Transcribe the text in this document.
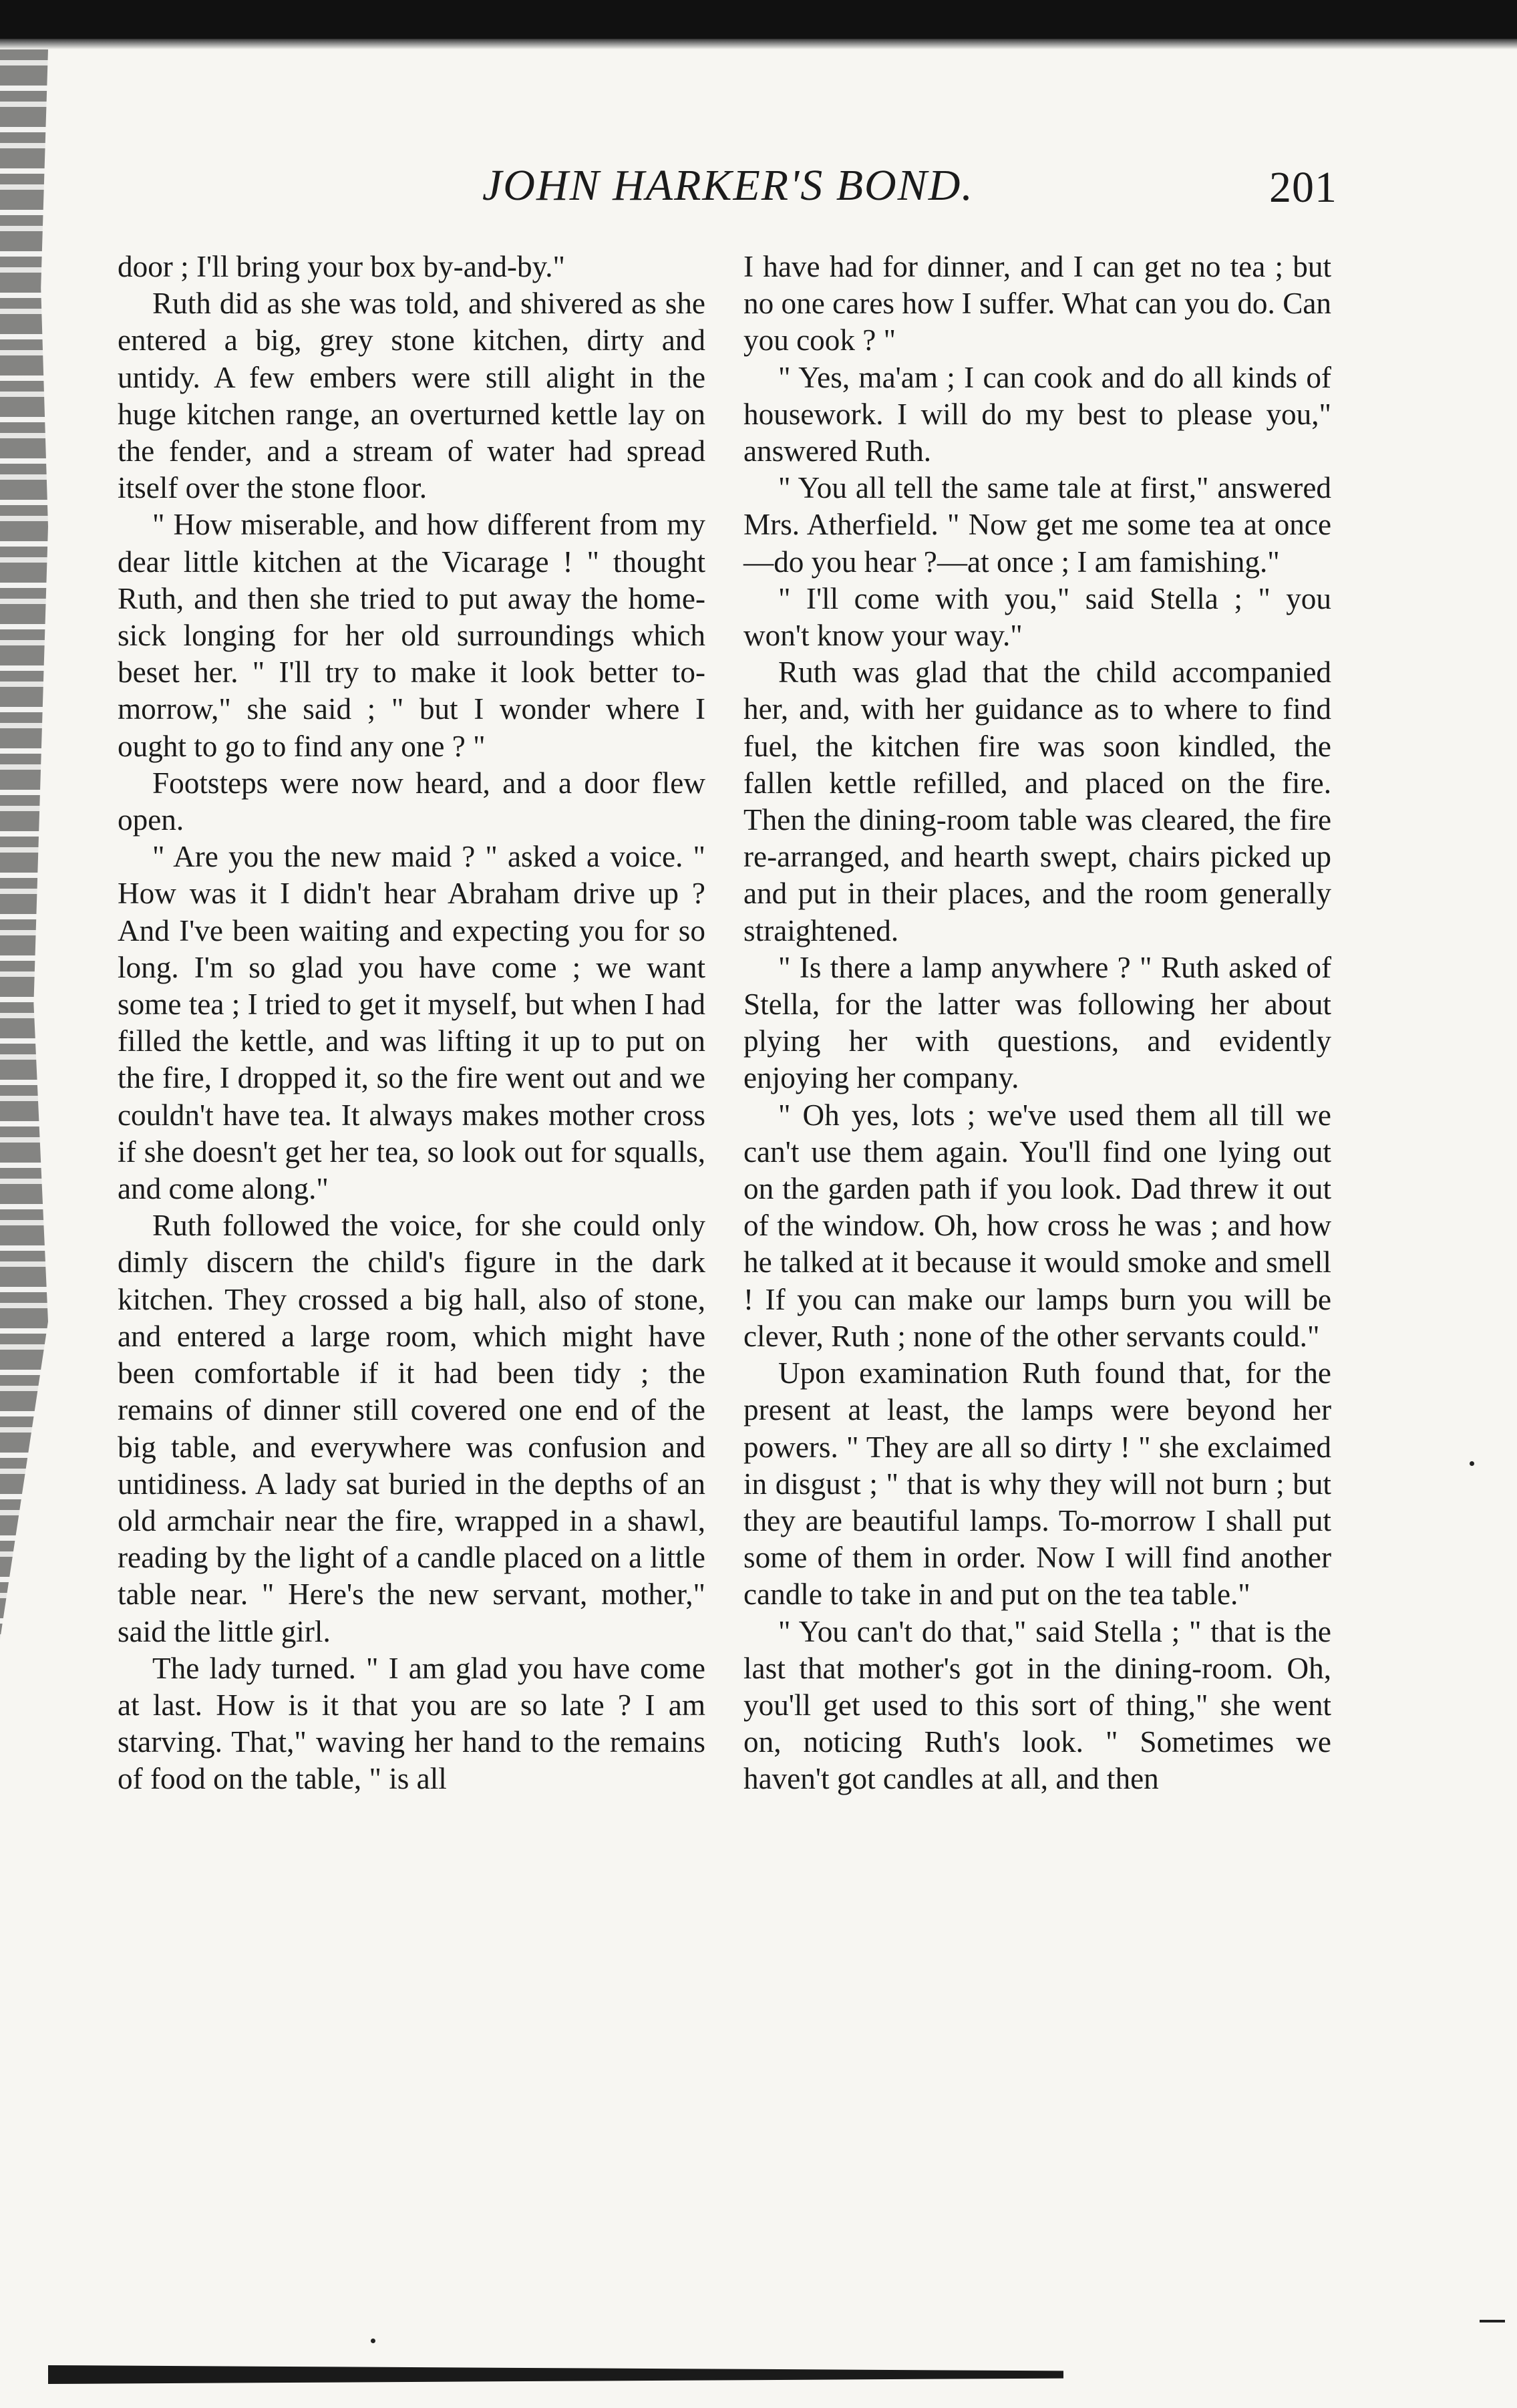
JOHN HARKER'S BOND.	201

door ; I'll bring your box by-and-by."

Ruth did as she was told, and shivered as she entered a big, grey stone kitchen, dirty and untidy. A few embers were still alight in the huge kitchen range, an overturned kettle lay on the fender, and a stream of water had spread itself over the stone floor.

" How miserable, and how different from my dear little kitchen at the Vicarage ! " thought Ruth, and then she tried to put away the home-sick longing for her old surroundings which beset her. " I'll try to make it look better to-morrow," she said ; " but I wonder where I ought to go to find any one ? "

Footsteps were now heard, and a door flew open.

" Are you the new maid ? " asked a voice. " How was it I didn't hear Abraham drive up ? And I've been waiting and expecting you for so long. I'm so glad you have come ; we want some tea ; I tried to get it myself, but when I had filled the kettle, and was lifting it up to put on the fire, I dropped it, so the fire went out and we couldn't have tea. It always makes mother cross if she doesn't get her tea, so look out for squalls, and come along."

Ruth followed the voice, for she could only dimly discern the child's figure in the dark kitchen. They crossed a big hall, also of stone, and entered a large room, which might have been comfortable if it had been tidy ; the remains of dinner still covered one end of the big table, and everywhere was confusion and untidiness. A lady sat buried in the depths of an old armchair near the fire, wrapped in a shawl, reading by the light of a candle placed on a little table near. " Here's the new servant, mother," said the little girl.

The lady turned. " I am glad you have come at last. How is it that you are so late ? I am starving. That," waving her hand to the remains of food on the table, " is all

I have had for dinner, and I can get no tea ; but no one cares how I suffer. What can you do. Can you cook ? "

" Yes, ma'am ; I can cook and do all kinds of housework. I will do my best to please you," answered Ruth.

" You all tell the same tale at first," answered Mrs. Atherfield. " Now get me some tea at once—do you hear ?—at once ; I am famishing."

" I'll come with you," said Stella ; " you won't know your way."

Ruth was glad that the child accompanied her, and, with her guidance as to where to find fuel, the kitchen fire was soon kindled, the fallen kettle refilled, and placed on the fire. Then the dining-room table was cleared, the fire re-arranged, and hearth swept, chairs picked up and put in their places, and the room generally straightened.

" Is there a lamp anywhere ? " Ruth asked of Stella, for the latter was following her about plying her with questions, and evidently enjoying her company.

" Oh yes, lots ; we've used them all till we can't use them again. You'll find one lying out on the garden path if you look. Dad threw it out of the window. Oh, how cross he was ; and how he talked at it because it would smoke and smell ! If you can make our lamps burn you will be clever, Ruth ; none of the other servants could."

Upon examination Ruth found that, for the present at least, the lamps were beyond her powers. " They are all so dirty ! " she exclaimed in disgust ; " that is why they will not burn ; but they are beautiful lamps. To-morrow I shall put some of them in order. Now I will find another candle to take in and put on the tea table."

" You can't do that," said Stella ; " that is the last that mother's got in the dining-room. Oh, you'll get used to this sort of thing," she went on, noticing Ruth's look. " Sometimes we haven't got candles at all, and then
